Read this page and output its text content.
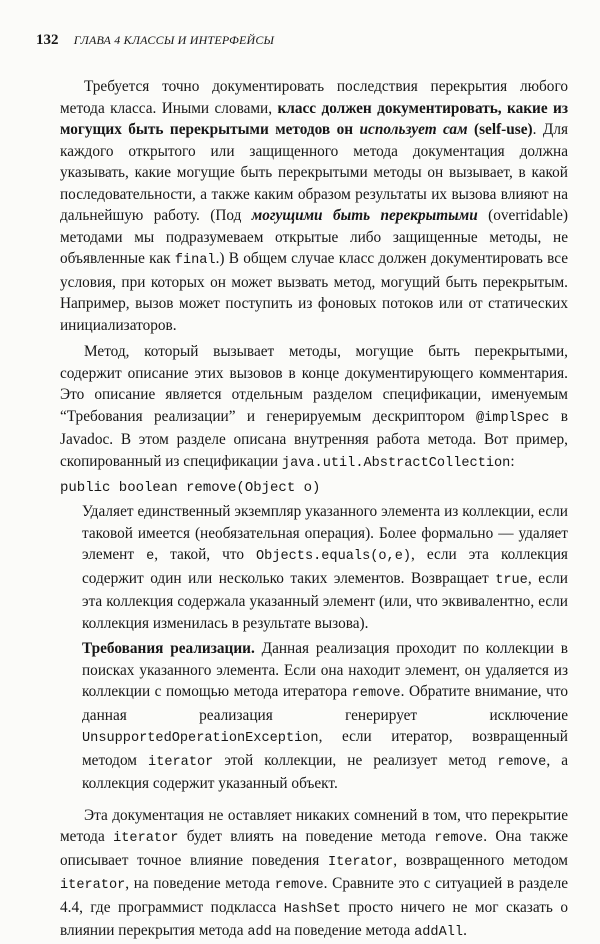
132 ГЛАВА 4 КЛАССЫ И ИНТЕРФЕЙСЫ

Требуется точно документировать последствия перекрытия любого метода класса. Иными словами, класс должен документировать, какие из могущих быть перекрытыми методов он использует сам (self-use). Для каждого открытого или защищенного метода документация должна указывать, какие могущие быть перекрытыми методы он вызывает, в какой последовательности, а также каким образом результаты их вызова влияют на дальнейшую работу. (Под могущими быть перекрытыми (overridable) методами мы подразумеваем открытые либо защищенные методы, не объявленные как final.) В общем случае класс должен документировать все условия, при которых он может вызвать метод, могущий быть перекрытым. Например, вызов может поступить из фоновых потоков или от статических инициализаторов.

Метод, который вызывает методы, могущие быть перекрытыми, содержит описание этих вызовов в конце документирующего комментария. Это описание является отдельным разделом спецификации, именуемым “Требования реализации” и генерируемым дескриптором @implSpec в Javadoc. В этом разделе описана внутренняя работа метода. Вот пример, скопированный из спецификации java.util.AbstractCollection:

public boolean remove(Object o)

Удаляет единственный экземпляр указанного элемента из коллекции, если таковой имеется (необязательная операция). Более формально — удаляет элемент e, такой, что Objects.equals(o,e), если эта коллекция содержит один или несколько таких элементов. Возвращает true, если эта коллекция содержала указанный элемент (или, что эквивалентно, если коллекция изменилась в результате вызова).

Требования реализации. Данная реализация проходит по коллекции в поисках указанного элемента. Если она находит элемент, он удаляется из коллекции с помощью метода итератора remove. Обратите внимание, что данная реализация генерирует исключение UnsupportedOperationException, если итератор, возвращенный методом iterator этой коллекции, не реализует метод remove, а коллекция содержит указанный объект.

Эта документация не оставляет никаких сомнений в том, что перекрытие метода iterator будет влиять на поведение метода remove. Она также описывает точное влияние поведения Iterator, возвращенного методом iterator, на поведение метода remove. Сравните это с ситуацией в разделе 4.4, где программист подкласса HashSet просто ничего не мог сказать о влиянии перекрытия метода add на поведение метода addAll.
